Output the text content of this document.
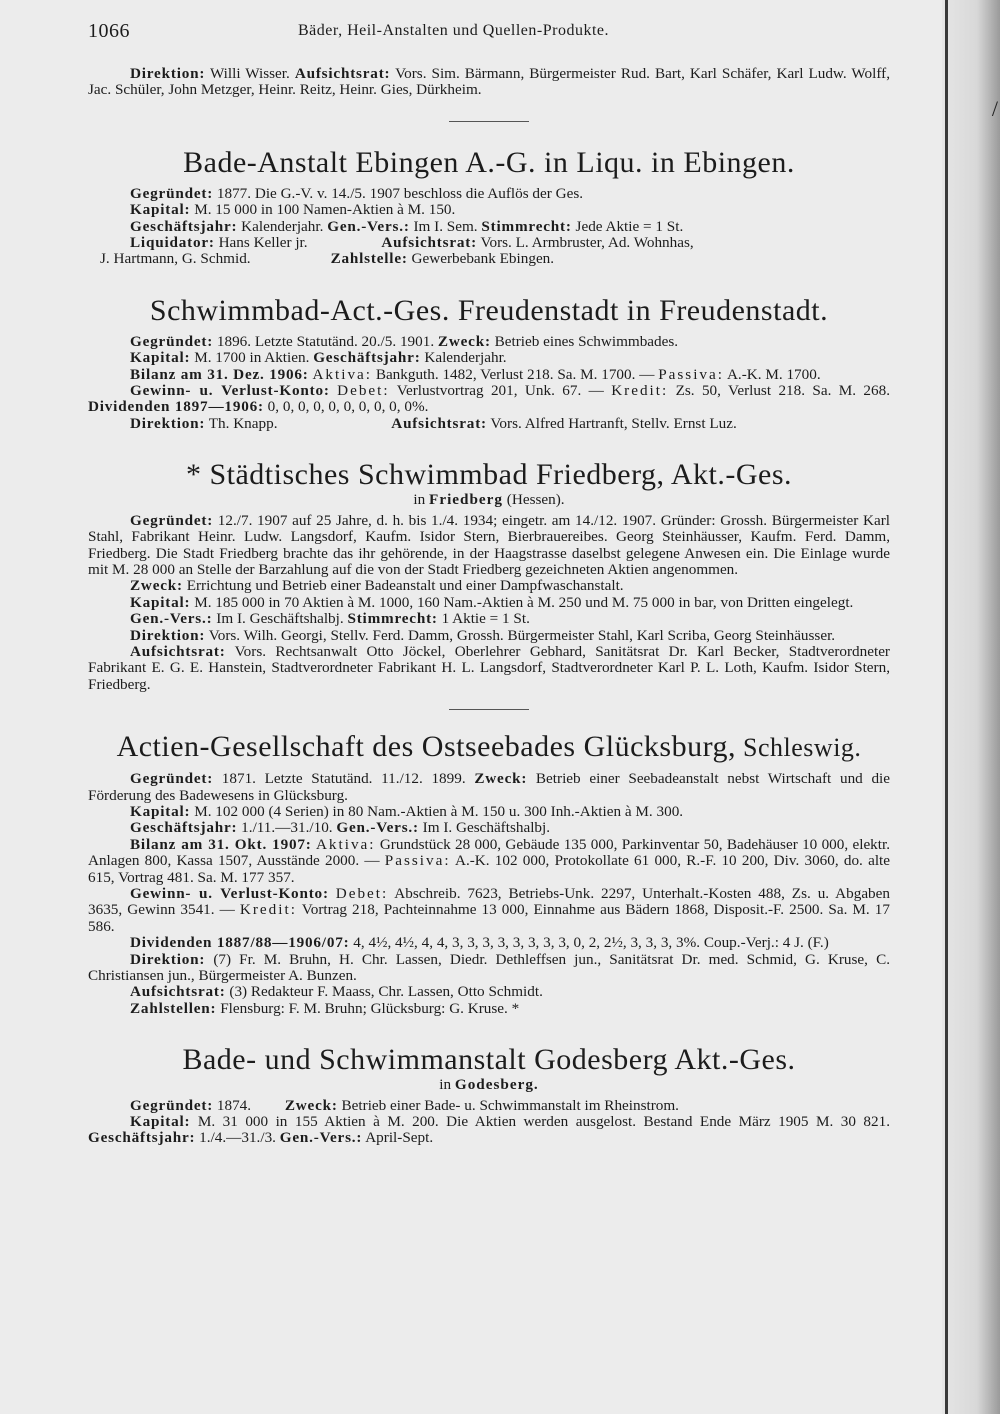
/
1066	Bäder, Heil-Anstalten und Quellen-Produkte.

Direktion: Willi Wisser. Aufsichtsrat: Vors. Sim. Bärmann, Bürgermeister Rud. Bart, Karl Schäfer, Karl Ludw. Wolff, Jac. Schüler, John Metzger, Heinr. Reitz, Heinr. Gies, Dürkheim.

Bade-Anstalt Ebingen A.-G. in Liqu. in Ebingen.

Gegründet: 1877. Die G.-V. v. 14./5. 1907 beschloss die Auflös der Ges.

Kapital: M. 15 000 in 100 Namen-Aktien à M. 150.

Geschäftsjahr: Kalenderjahr. Gen.-Vers.: Im I. Sem. Stimmrecht: Jede Aktie = 1 St.

Liquidator: Hans Keller jr.	Aufsichtsrat: Vors. L. Armbruster, Ad. Wohnhas,

J. Hartmann, G. Schmid.	Zahlstelle: Gewerbebank Ebingen.

Schwimmbad-Act.-Ges. Freudenstadt in Freudenstadt.

Gegründet: 1896. Letzte Statutänd. 20./5. 1901. Zweck: Betrieb eines Schwimmbades.

Kapital: M. 1700 in Aktien. Geschäftsjahr: Kalenderjahr.

Bilanz am 31. Dez. 1906: Aktiva: Bankguth. 1482, Verlust 218. Sa. M. 1700. — Passiva: A.-K. M. 1700.

Gewinn- u. Verlust-Konto: Debet: Verlustvortrag 201, Unk. 67. — Kredit: Zs. 50, Verlust 218. Sa. M. 268. Dividenden 1897—1906: 0, 0, 0, 0, 0, 0, 0, 0, 0, 0%.

Direktion: Th. Knapp.	Aufsichtsrat: Vors. Alfred Hartranft, Stellv. Ernst Luz.

* Städtisches Schwimmbad Friedberg, Akt.-Ges.

in Friedberg (Hessen).

Gegründet: 12./7. 1907 auf 25 Jahre, d. h. bis 1./4. 1934; eingetr. am 14./12. 1907. Gründer: Grossh. Bürgermeister Karl Stahl, Fabrikant Heinr. Ludw. Langsdorf, Kaufm. Isidor Stern, Bierbrauereibes. Georg Steinhäusser, Kaufm. Ferd. Damm, Friedberg. Die Stadt Friedberg brachte das ihr gehörende, in der Haagstrasse daselbst gelegene Anwesen ein. Die Einlage wurde mit M. 28 000 an Stelle der Barzahlung auf die von der Stadt Friedberg gezeichneten Aktien angenommen.

Zweck: Errichtung und Betrieb einer Badeanstalt und einer Dampfwaschanstalt.

Kapital: M. 185 000 in 70 Aktien à M. 1000, 160 Nam.-Aktien à M. 250 und M. 75 000 in bar, von Dritten eingelegt.

Gen.-Vers.: Im I. Geschäftshalbj. Stimmrecht: 1 Aktie = 1 St.

Direktion: Vors. Wilh. Georgi, Stellv. Ferd. Damm, Grossh. Bürgermeister Stahl, Karl Scriba, Georg Steinhäusser.

Aufsichtsrat: Vors. Rechtsanwalt Otto Jöckel, Oberlehrer Gebhard, Sanitätsrat Dr. Karl Becker, Stadtverordneter Fabrikant E. G. E. Hanstein, Stadtverordneter Fabrikant H. L. Langsdorf, Stadtverordneter Karl P. L. Loth, Kaufm. Isidor Stern, Friedberg.

Actien-Gesellschaft des Ostseebades Glücksburg, Schleswig.

Gegründet: 1871. Letzte Statutänd. 11./12. 1899. Zweck: Betrieb einer Seebadeanstalt nebst Wirtschaft und die Förderung des Badewesens in Glücksburg.

Kapital: M. 102 000 (4 Serien) in 80 Nam.-Aktien à M. 150 u. 300 Inh.-Aktien à M. 300.

Geschäftsjahr: 1./11.—31./10. Gen.-Vers.: Im I. Geschäftshalbj.

Bilanz am 31. Okt. 1907: Aktiva: Grundstück 28 000, Gebäude 135 000, Parkinventar 50, Badehäuser 10 000, elektr. Anlagen 800, Kassa 1507, Ausstände 2000. — Passiva: A.-K. 102 000, Protokollate 61 000, R.-F. 10 200, Div. 3060, do. alte 615, Vortrag 481. Sa. M. 177 357.

Gewinn- u. Verlust-Konto: Debet: Abschreib. 7623, Betriebs-Unk. 2297, Unterhalt.-Kosten 488, Zs. u. Abgaben 3635, Gewinn 3541. — Kredit: Vortrag 218, Pachteinnahme 13 000, Einnahme aus Bädern 1868, Disposit.-F. 2500. Sa. M. 17 586.

Dividenden 1887/88—1906/07: 4, 4½, 4½, 4, 4, 3, 3, 3, 3, 3, 3, 3, 3, 0, 2, 2½, 3, 3, 3, 3%. Coup.-Verj.: 4 J. (F.)

Direktion: (7) Fr. M. Bruhn, H. Chr. Lassen, Diedr. Dethleffsen jun., Sanitätsrat Dr. med. Schmid, G. Kruse, C. Christiansen jun., Bürgermeister A. Bunzen.

Aufsichtsrat: (3) Redakteur F. Maass, Chr. Lassen, Otto Schmidt.

Zahlstellen: Flensburg: F. M. Bruhn; Glücksburg: G. Kruse. *

Bade- und Schwimmanstalt Godesberg Akt.-Ges.

in Godesberg.

Gegründet: 1874. Zweck: Betrieb einer Bade- u. Schwimmanstalt im Rheinstrom.

Kapital: M. 31 000 in 155 Aktien à M. 200. Die Aktien werden ausgelost. Bestand Ende März 1905 M. 30 821. Geschäftsjahr: 1./4.—31./3. Gen.-Vers.: April-Sept.
